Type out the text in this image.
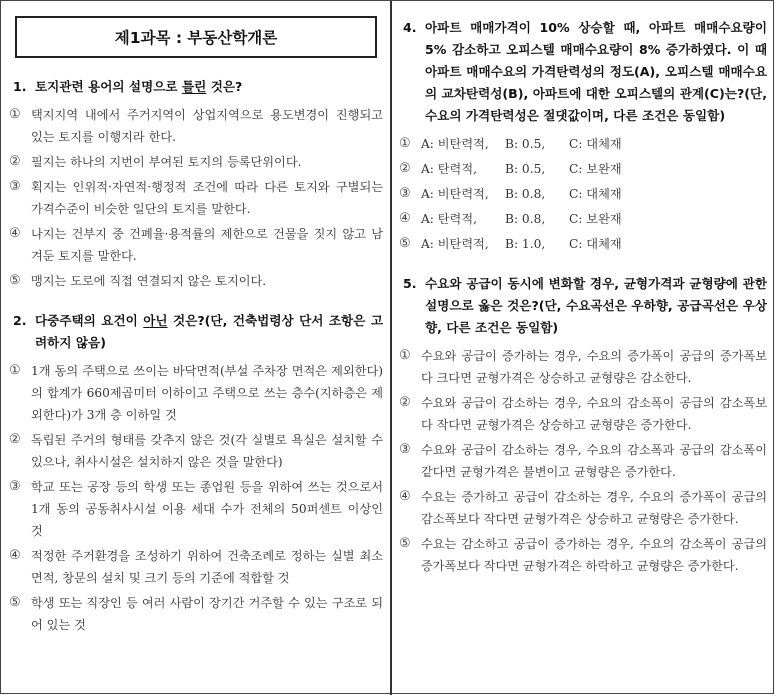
제1과목 : 부동산학개론
1. 토지관련 용어의 설명으로 틀린 것은?
① 택지지역 내에서 주거지역이 상업지역으로 용도변경이 진행되고 있는 토지를 이행지라 한다.
② 필지는 하나의 지번이 부여된 토지의 등록단위이다.
③ 획지는 인위적·자연적·행정적 조건에 따라 다른 토지와 구별되는 가격수준이 비슷한 일단의 토지를 말한다.
④ 나지는 건부지 중 건폐율·용적률의 제한으로 건물을 짓지 않고 남겨둔 토지를 말한다.
⑤ 맹지는 도로에 직접 연결되지 않은 토지이다.
2. 다중주택의 요건이 아닌 것은?(단, 건축법령상 단서 조항은 고려하지 않음)
① 1개 동의 주택으로 쓰이는 바닥면적(부설 주차장 면적은 제외한다)의 합계가 660제곱미터 이하이고 주택으로 쓰는 층수(지하층은 제외한다)가 3개 층 이하일 것
② 독립된 주거의 형태를 갖추지 않은 것(각 실별로 욕실은 설치할 수 있으나, 취사시설은 설치하지 않은 것을 말한다)
③ 학교 또는 공장 등의 학생 또는 종업원 등을 위하여 쓰는 것으로서 1개 동의 공동취사시설 이용 세대 수가 전체의 50퍼센트 이상인 것
④ 적정한 주거환경을 조성하기 위하여 건축조례로 정하는 실별 최소 면적, 창문의 설치 및 크기 등의 기준에 적합할 것
⑤ 학생 또는 직장인 등 여러 사람이 장기간 거주할 수 있는 구조로 되어 있는 것
4. 아파트 매매가격이 10% 상승할 때, 아파트 매매수요량이 5% 감소하고 오피스텔 매매수요량이 8% 증가하였다. 이 때 아파트 매매수요의 가격탄력성의 정도(A), 오피스텔 매매수요의 교차탄력성(B), 아파트에 대한 오피스텔의 관계(C)는?(단, 수요의 가격탄력성은 절댓값이며, 다른 조건은 동일함)
① A: 비탄력적, B: 0.5, C: 대체재
② A: 탄력적, B: 0.5, C: 보완재
③ A: 비탄력적, B: 0.8, C: 대체재
④ A: 탄력적, B: 0.8, C: 보완재
⑤ A: 비탄력적, B: 1.0, C: 대체재
5. 수요와 공급이 동시에 변화할 경우, 균형가격과 균형량에 관한 설명으로 옳은 것은?(단, 수요곡선은 우하향, 공급곡선은 우상향, 다른 조건은 동일함)
① 수요와 공급이 증가하는 경우, 수요의 증가폭이 공급의 증가폭보다 크다면 균형가격은 상승하고 균형량은 감소한다.
② 수요와 공급이 감소하는 경우, 수요의 감소폭이 공급의 감소폭보다 작다면 균형가격은 상승하고 균형량은 증가한다.
③ 수요와 공급이 감소하는 경우, 수요의 감소폭과 공급의 감소폭이 같다면 균형가격은 불변이고 균형량은 증가한다.
④ 수요는 증가하고 공급이 감소하는 경우, 수요의 증가폭이 공급의 감소폭보다 작다면 균형가격은 상승하고 균형량은 증가한다.
⑤ 수요는 감소하고 공급이 증가하는 경우, 수요의 감소폭이 공급의 증가폭보다 작다면 균형가격은 하락하고 균형량은 증가한다.
